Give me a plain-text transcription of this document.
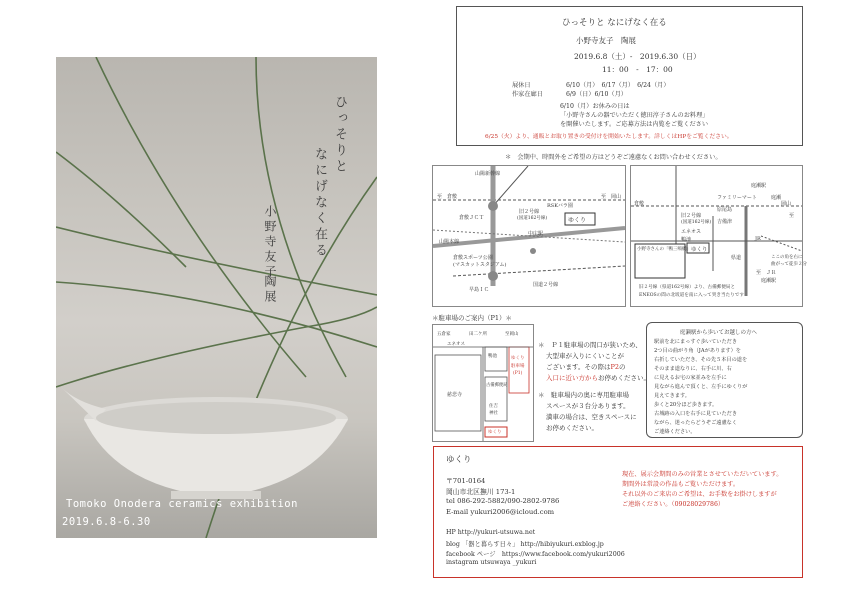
ひっそりと
なにげなく在る
小野寺友子
陶展
Tomoko Onodera ceramics exhibition
2019.6.8-6.30
ひっそりと なにげなく在る
小野寺友子　陶展
2019.6.8（土）-　2019.6.30（日）
11：00　-　17：00
展休日	6/10（月）　6/17（月）　6/24（月）
作家在廊日	6/9（日）6/10（月）
6/10（月）お休みの日は
「小野寺さんの器でいただく徳田淳子さんのお料理」
を開催いたします。ご応募方法は内覧をご覧ください
6/25（火）より、通販とお取り置きの受付けを開始いたします。詳しくはHPをご覧ください。
＊　会期中、時間外をご希望の方はどうぞご遠慮なくお問い合わせください。
山陽新幹線
至　倉敷	至　岡山
倉敷ＪＣＴ
旧２号線
(国道162号線)
RSKバラ園
ゆくり
山陽本線
中庄駅
倉敷スポーツ公園
(マスカットスタジアム)
国道２号線
早島ＩＣ
倉敷	岡山
庭瀬駅
旧２号線
(国道162号線)
ファミリーマート
吉備津
エネオス
鴨池
ゆくり
JR
庭瀬
原尾島
県道
至
ここの角を右に
曲がって徒歩２分
至　ＪＲ
庭瀬駅
小野寺さんの「鴨三鳴橋」
旧２号線（県道162号線）より、古備郵便局と
ENEOSの間の北坂道を南に入って突き当たりです
＊駐車場のご案内（P1）＊
五倉家	田二ケ所	至岡山
エネオス
鴨池	ゆくり
駐車場
(P1)
慈悲寺
住吉
神社
古備郵便局
ゆくり
＊　Ｐ１駐車場の間口が狭いため、
大型車が入りにくいことが
ございます。その際はP2の
入口に近い方からお停めください。
＊　駐車場内の奥に専用駐車場
スペースが３台分あります。
満車の場合は、空きスペースに
お停めください。
庭瀬駅から歩いてお越しの方へ
駅前を北にまっすぐ歩いていただき
2つ目の曲がり角（JAがあります）を
右折していただき、その先５本目の道を
そのまま道なりに、右手に川、右
に見えるお宅の家並みを左手に
見ながら進んで頂くと、左手にゆくりが
見えてきます。
歩くと20分ほど歩きます。
古城跡の入口を右手に見ていただき
ながら、迷ったらどうぞご遠慮なく
ご連絡ください。
ゆくり
〒701-0164
岡山市北区撫川 173-1
tel 086-292-5882/090-2802-9786
E-mail yukuri2006@icloud.com
HP http://yukuri-utsuwa.net
blog 「器と暮らす日々」 http://hibiyukuri.exblog.jp
facebook ページ　https://www.facebook.com/yukuri2006
instagram utsuwaya _yukuri
現在、展示会期間のみの営業とさせていただいています。
期間外は常設の作品もご覧いただけます。
それ以外のご来店のご希望は、お手数をお掛けしますが
ご連絡ください。（09028029786）
